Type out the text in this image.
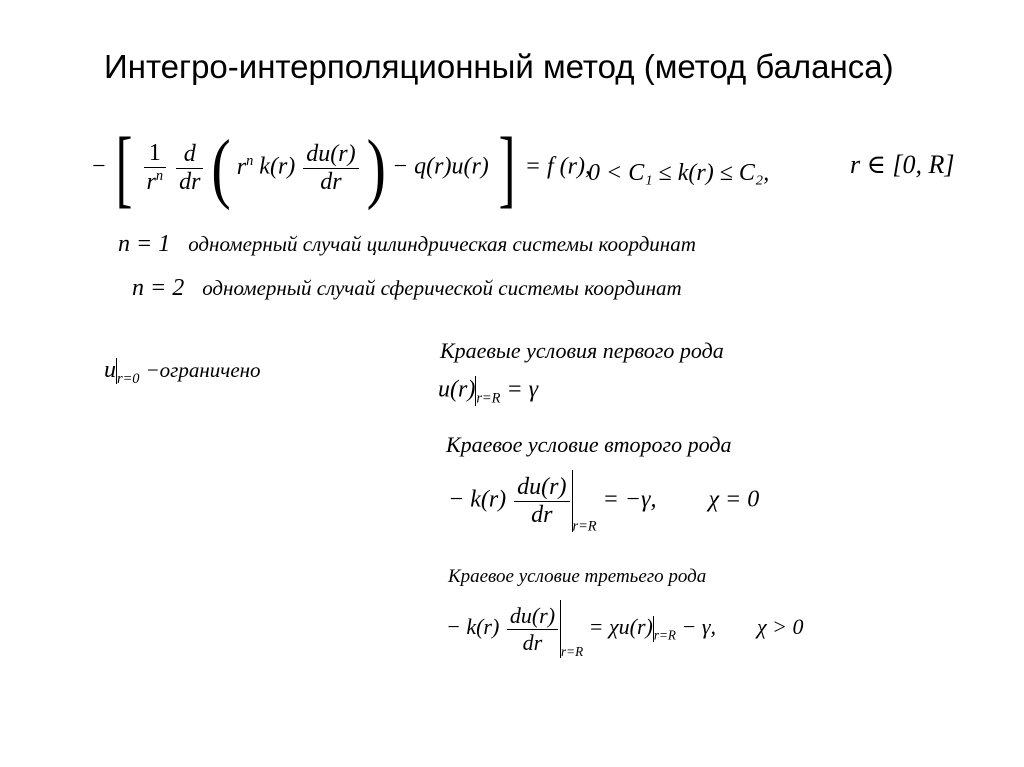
Интегро-интерполяционный метод (метод баланса)
− [ $\frac{1}{r^n}$
$\frac{d}{dr}$ ( $r^n$ $k(r) \frac{du(r)}{dr}$ ) − q(r)u(r) ] = f (r),
0 < C₁ ≤ k(r) ≤ C₂,	r ∈ [0, R]
n = 1 одномерный случай цилиндрическая системы координат
n = 2 одномерный случай сферической системы координат
$u_{r=0}$ −ограничено
Краевые условия первого рода
$u(r)_{r=R} = \gamma$
Краевое условие второго рода
− $k(r) \frac{du(r)}{dr} _{r=R} = -\gamma$, χ = 0
Краевое условие третьего рода
− $k(r) \frac{du(r)}{dr} _{r=R} = \chi u(r)_{r=R} - \gamma$, χ > 0
